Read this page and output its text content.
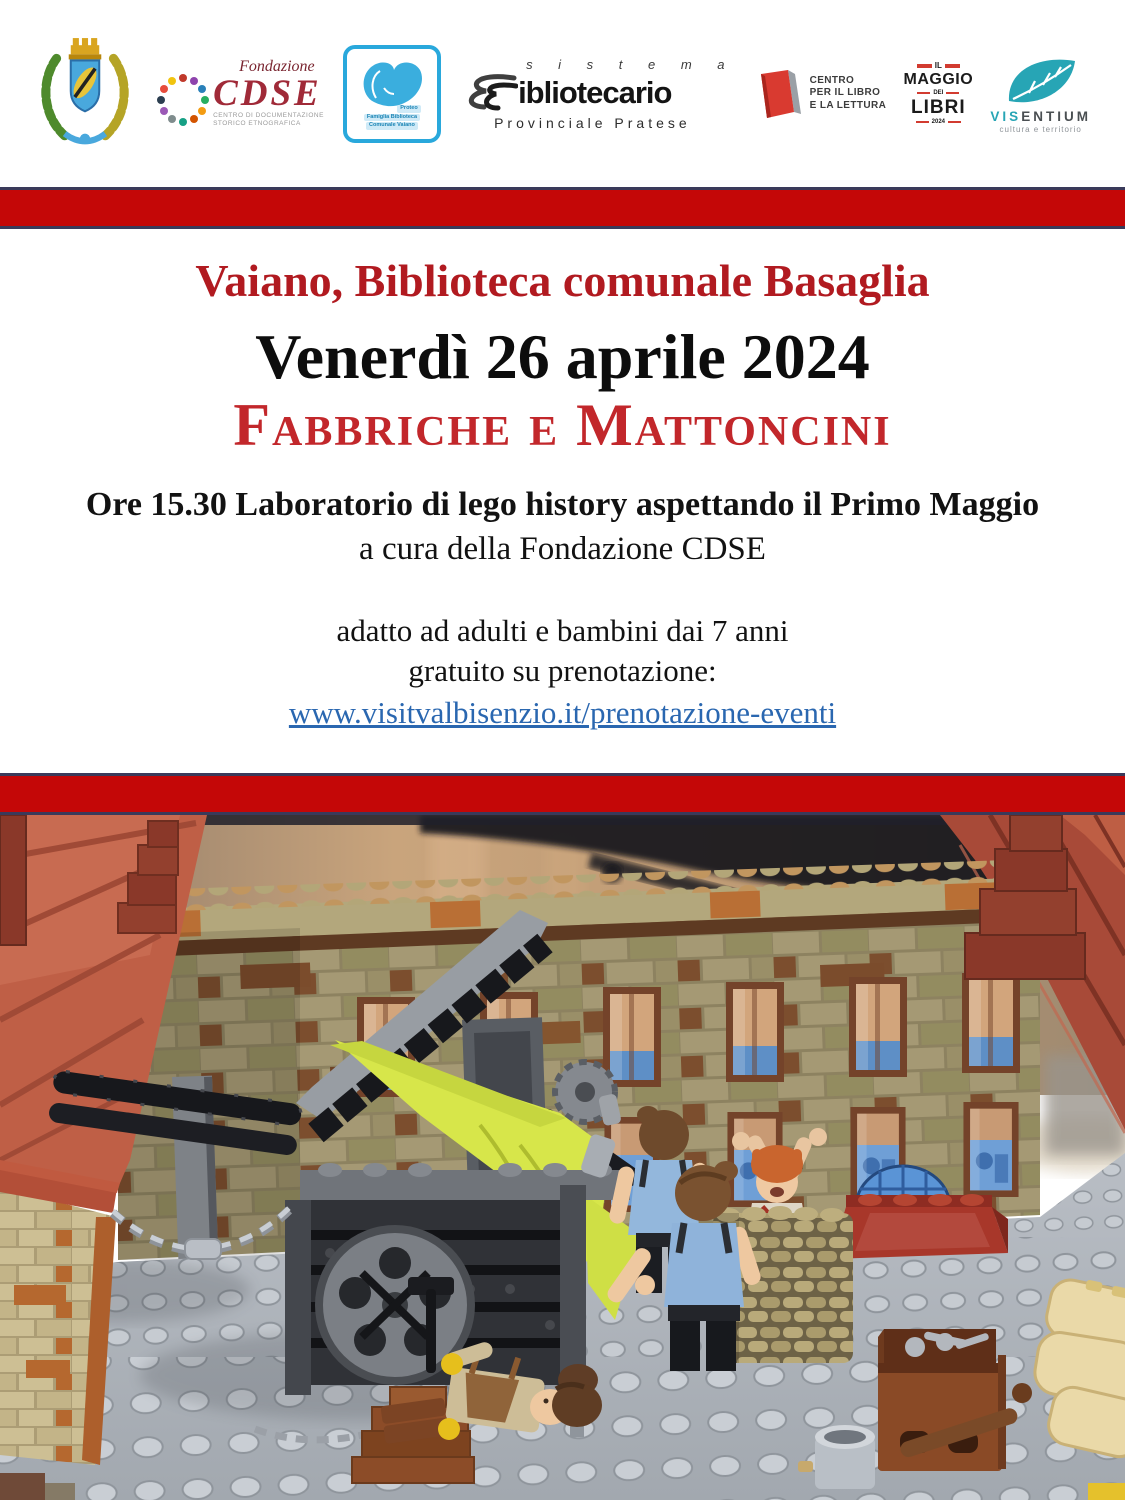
Fondazione
CDSE
CENTRO DI DOCUMENTAZIONE
STORICO ETNOGRAFICA
Proteo
Famiglia Biblioteca
Comunale Vaiano
s i s t e m a
ibliotecario
Provinciale Pratese
CENTRO
PER IL LIBRO
E LA LETTURA
IL
MAGGIO
DEI
LIBRI
2024	VISENTIUM
cultura e territorio
Vaiano, Biblioteca comunale Basaglia
Venerdì 26 aprile 2024
Fabbriche e Mattoncini

Ore 15.30 Laboratorio di lego history aspettando il Primo Maggio

a cura della Fondazione CDSE

adatto ad adulti e bambini dai 7 anni

gratuito su prenotazione:

www.visitvalbisenzio.it/prenotazione-eventi
